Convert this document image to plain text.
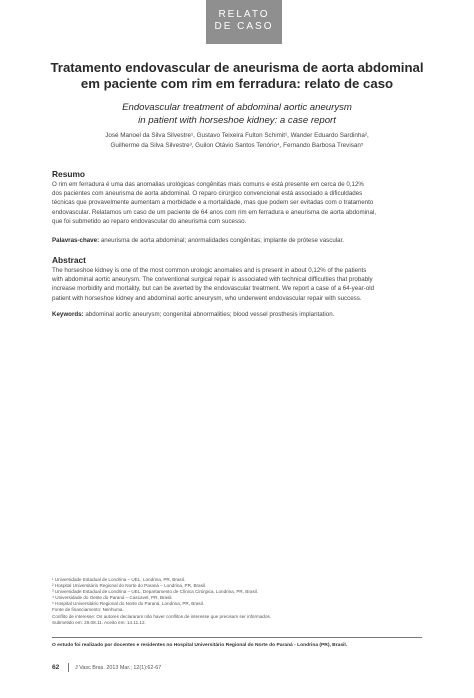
RELATO
DE CASO
Tratamento endovascular de aneurisma de aorta abdominal
em paciente com rim em ferradura: relato de caso
Endovascular treatment of abdominal aortic aneurysm
in patient with horseshoe kidney: a case report
José Manoel da Silva Silvestre¹, Gustavo Teixeira Fulton Schimit¹, Wander Eduardo Sardinha²,
Guilherme da Silva Silvestre³, Guilon Otávio Santos Tenório⁴, Fernando Barbosa Trevisan⁵
Resumo
O rim em ferradura é uma das anomalias urológicas congênitas mais comuns e está presente em cerca de 0,12%
dos pacientes com aneurisma de aorta abdominal. O reparo cirúrgico convencional está associado a dificuldades
técnicas que provavelmente aumentam a morbidade e a mortalidade, mas que podem ser evitadas com o tratamento
endovascular. Relatamos um caso de um paciente de 64 anos com rim em ferradura e aneurisma de aorta abdominal,
que foi submetido ao reparo endovascular do aneurisma com sucesso.
Palavras-chave: aneurisma de aorta abdominal; anormalidades congênitas; implante de prótese vascular.
Abstract
The horseshoe kidney is one of the most common urologic anomalies and is present in about 0,12% of the patients
with abdominal aortic aneurysm. The conventional surgical repair is associated with technical difficulties that probably
increase morbidity and mortality, but can be averted by the endovascular treatment. We report a case of a 64-year-old
patient with horseshoe kidney and abdominal aortic aneurysm, who underwent endovascular repair with success.
Keywords: abdominal aortic aneurysm; congenital abnormalities; blood vessel prosthesis implantation.
¹ Universidade Estadual de Londrina – UEL, Londrina, PR, Brasil.
² Hospital Universitário Regional do Norte do Paraná – Londrina, PR, Brasil.
³ Universidade Estadual de Londrina – UEL, Departamento de Clínica Cirúrgica, Londrina, PR, Brasil.
⁴ Universidade do Oeste do Paraná – Cascavel, PR, Brasil.
⁵ Hospital Universitário Regional do Norte do Paraná, Londrina, PR, Brasil.
Fonte de financiamento: Nenhuma.
Conflito de interesse: Os autores declararam não haver conflitos de interesse que precisam ser informados.
Submetido em: 29.08.11. Aceito em: 14.11.12.
O estudo foi realizado por docentes e residentes no Hospital Universitário Regional do Norte do Paraná - Londrina (PR), Brasil.
62	J Vasc Bras. 2013 Mar.; 12(1):62-67
